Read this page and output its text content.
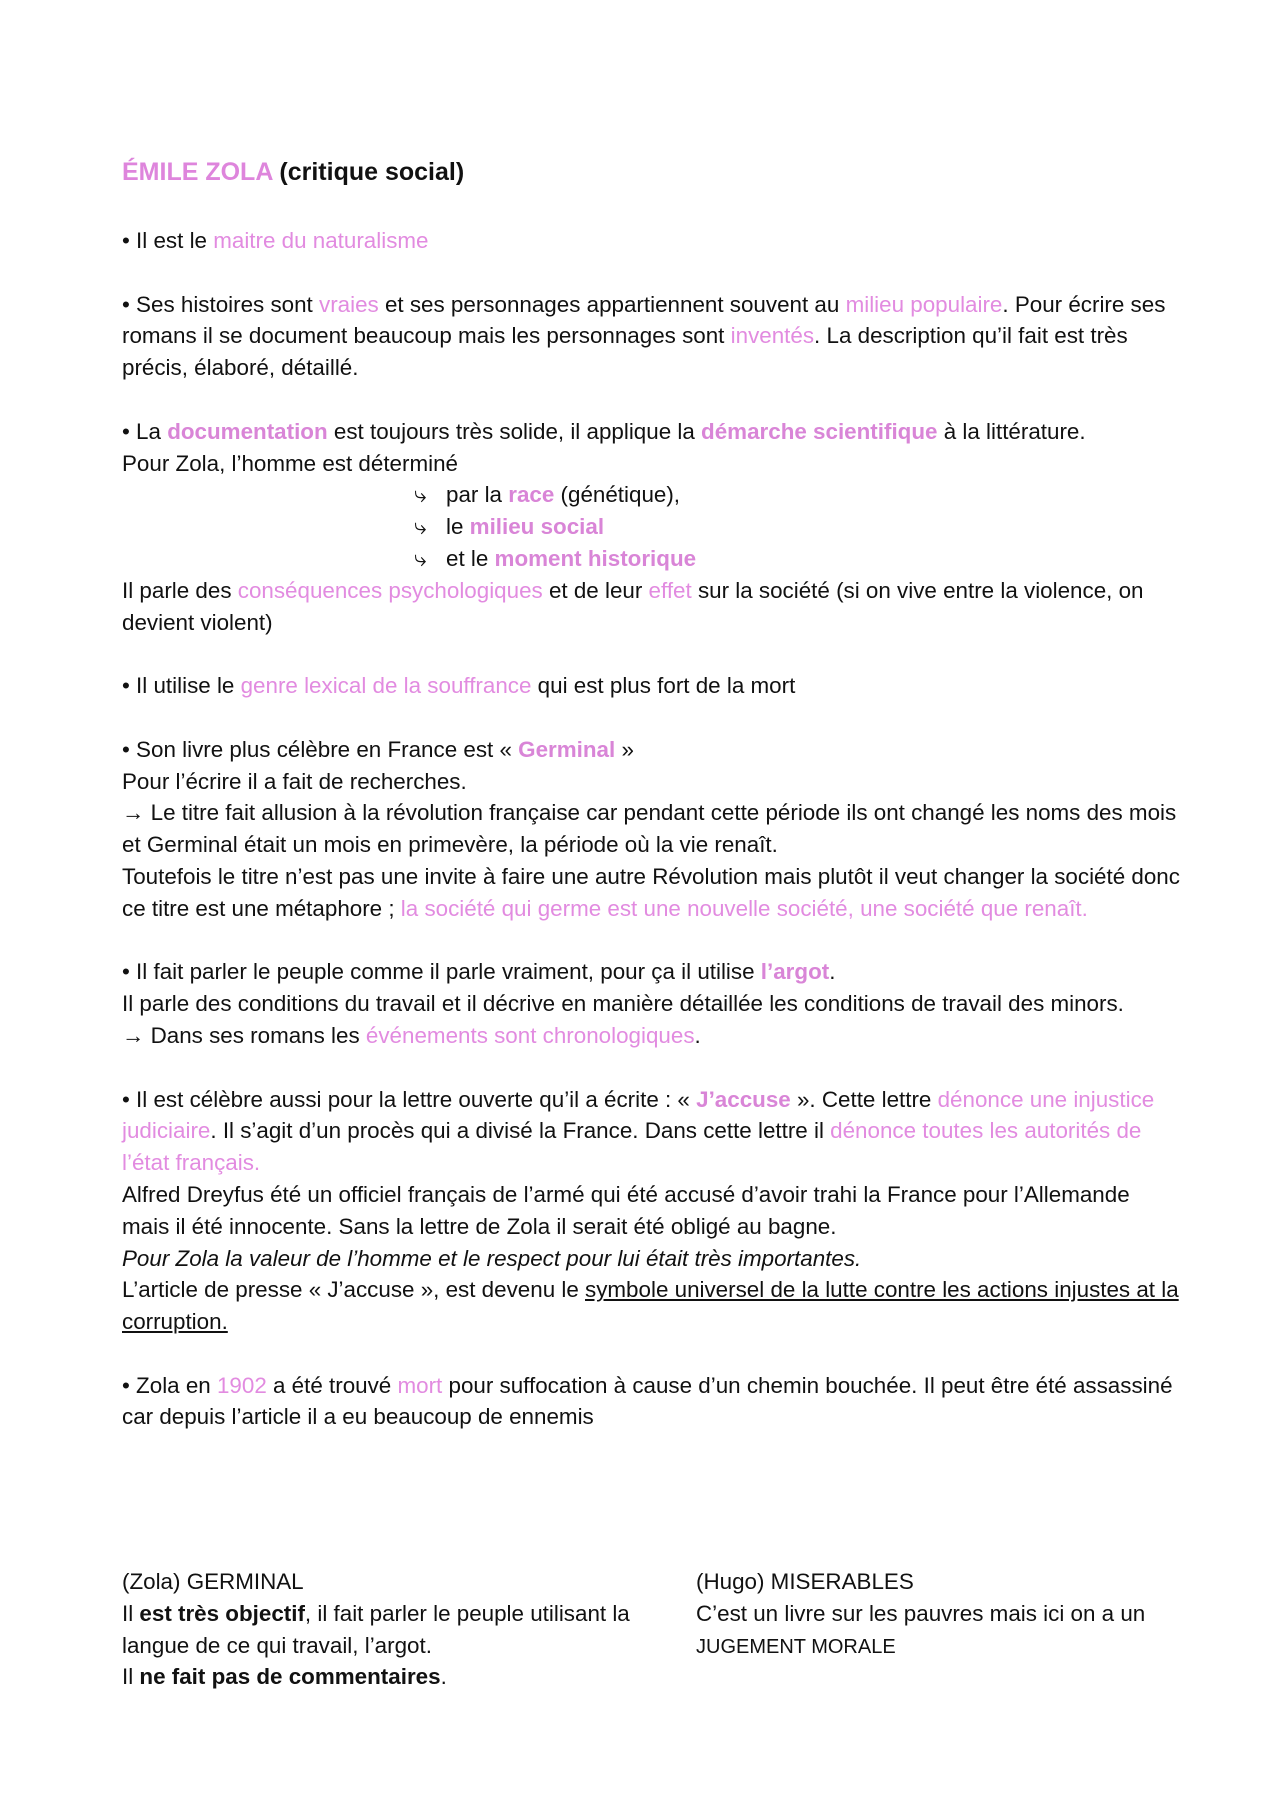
ÉMILE ZOLA (critique social)

• Il est le maitre du naturalisme

• Ses histoires sont vraies et ses personnages appartiennent souvent au milieu populaire. Pour écrire ses romans il se document beaucoup mais les personnages sont inventés. La description qu’il fait est très précis, élaboré, détaillé.

• La documentation est toujours très solide, il applique la démarche scientifique à la littérature.
Pour Zola, l’homme est déterminé

⤷ par la race (génétique),

⤷ le milieu social

⤷ et le moment historique

Il parle des conséquences psychologiques et de leur effet sur la société (si on vive entre la violence, on devient violent)

• Il utilise le genre lexical de la souffrance qui est plus fort de la mort

• Son livre plus célèbre en France est « Germinal »
Pour l’écrire il a fait de recherches.
→ Le titre fait allusion à la révolution française car pendant cette période ils ont changé les noms des mois et Germinal était un mois en primevère, la période où la vie renaît.
Toutefois le titre n’est pas une invite à faire une autre Révolution mais plutôt il veut changer la société donc ce titre est une métaphore ; la société qui germe est une nouvelle société, une société que renaît.

• Il fait parler le peuple comme il parle vraiment, pour ça il utilise l’argot.
Il parle des conditions du travail et il décrive en manière détaillée les conditions de travail des minors.
→ Dans ses romans les événements sont chronologiques.

• Il est célèbre aussi pour la lettre ouverte qu’il a écrite : « J’accuse ». Cette lettre dénonce une injustice judiciaire. Il s’agit d’un procès qui a divisé la France. Dans cette lettre il dénonce toutes les autorités de l’état français.
Alfred Dreyfus été un officiel français de l’armé qui été accusé d’avoir trahi la France pour l’Allemande mais il été innocente. Sans la lettre de Zola il serait été obligé au bagne.
Pour Zola la valeur de l’homme et le respect pour lui était très importantes.
L’article de presse « J’accuse », est devenu le symbole universel de la lutte contre les actions injustes at la corruption.

• Zola en 1902 a été trouvé mort pour suffocation à cause d’un chemin bouchée. Il peut être été assassiné car depuis l’article il a eu beaucoup de ennemis

(Zola) GERMINAL
Il est très objectif, il fait parler le peuple utilisant la langue de ce qui travail, l’argot.
Il ne fait pas de commentaires.
(Hugo) MISERABLES
C’est un livre sur les pauvres mais ici on a un JUGEMENT MORALE
